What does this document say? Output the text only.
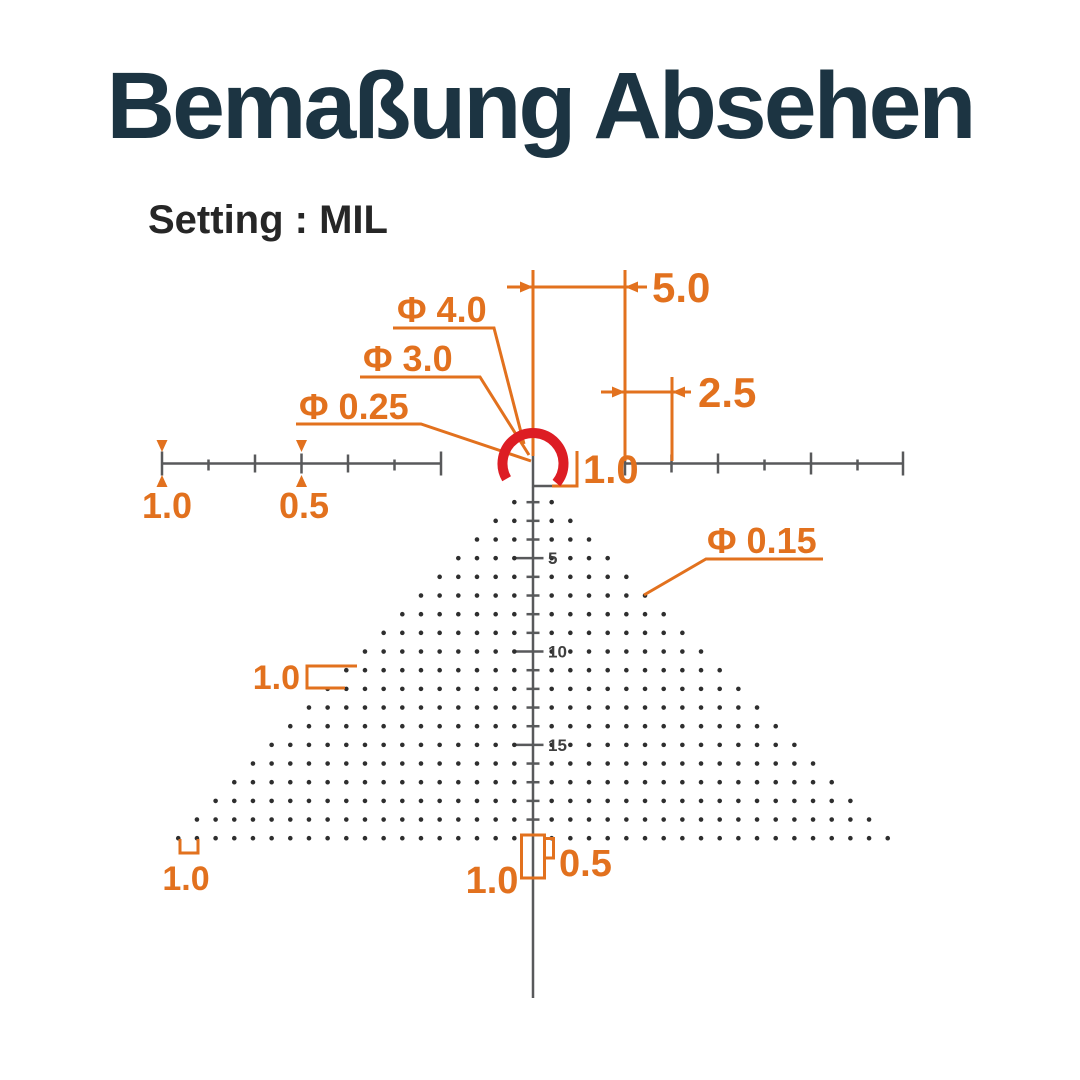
Bemaßung Absehen
Setting : MIL
5
10
15
5.0
2.5
Φ 4.0
Φ 3.0
Φ 0.25
Φ 0.15
1.0
1.0 0.5
1.0
1.0	1.0 0.5
